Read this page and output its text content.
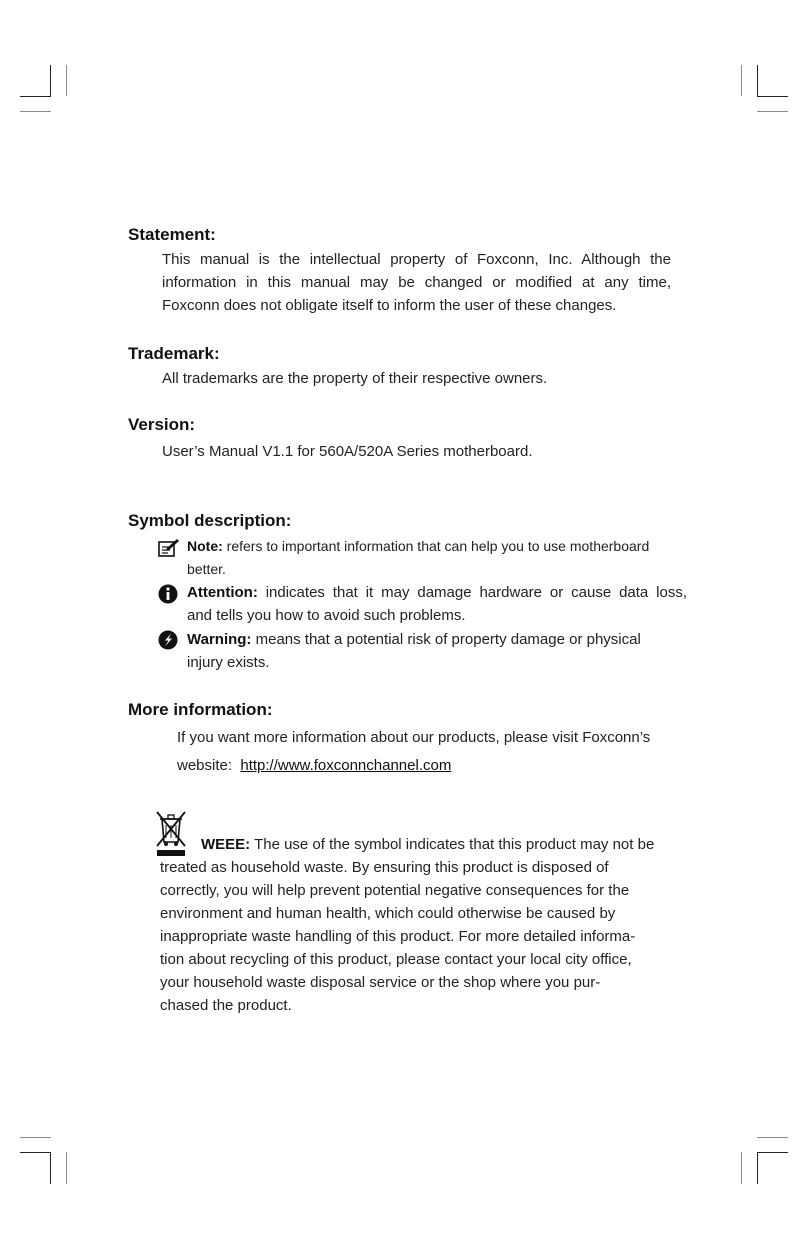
Statement:
This manual is the intellectual property of Foxconn, Inc. Although the
information in this manual may be changed or modified at any time,
Foxconn does not obligate itself to inform the user of these changes.
Trademark:
All trademarks are the property of their respective owners.
Version:
User’s Manual V1.1 for 560A/520A Series motherboard.
Symbol description:
Note: refers to important information that can help you to use motherboard
better.
Attention: indicates that it may damage hardware or cause data loss,
and tells you how to avoid such problems.
Warning: means that a potential risk of property damage or physical
injury exists.
More information:
If you want more information about our products, please visit Foxconn’s
website: http://www.foxconnchannel.com
WEEE: The use of the symbol indicates that this product may not be
treated as household waste. By ensuring this product is disposed of
correctly, you will help prevent potential negative consequences for the
environment and human health, which could otherwise be caused by
inappropriate waste handling of this product. For more detailed informa-
tion about recycling of this product, please contact your local city office,
your household waste disposal service or the shop where you pur-
chased the product.
